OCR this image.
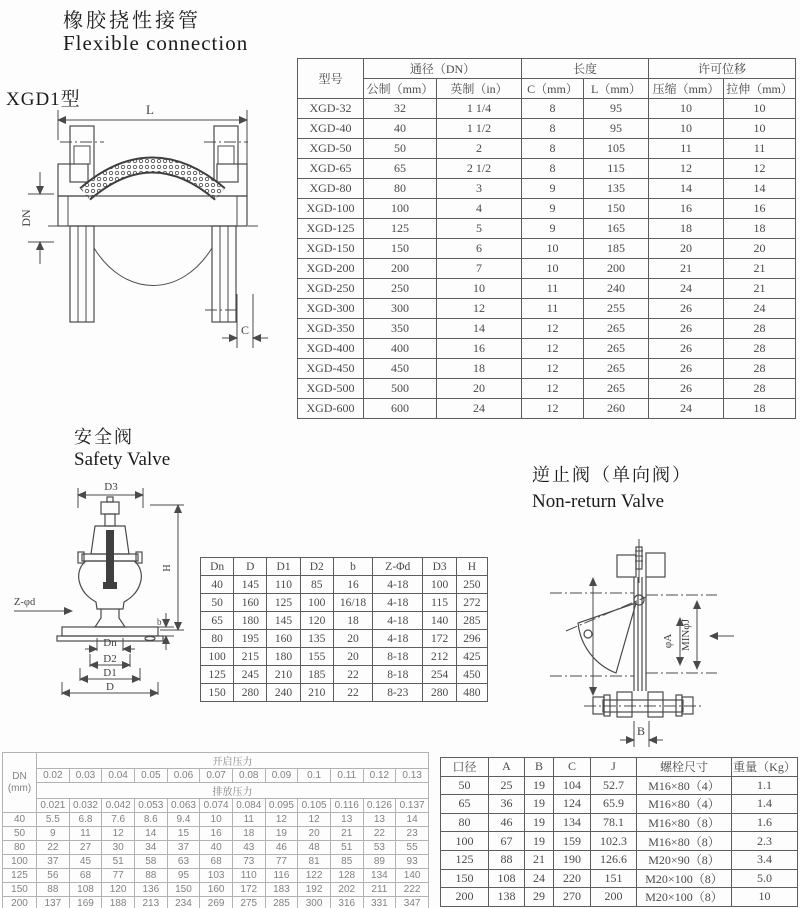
XGD1型
橡胶挠性接管
Flexible connection
L
DN
C
型号	通径（DN）		长度		许可位移	
	公制（mm）	英制（in）	C（mm）	L（mm）	压缩（mm）	拉伸（mm）
XGD-32	32	1 1/4	8	95	10	10
XGD-40	40	1 1/2	8	95	10	10
XGD-50	50	2	8	105	11	11
XGD-65	65	2 1/2	8	115	12	12
XGD-80	80	3	9	135	14	14
XGD-100	100	4	9	150	16	16
XGD-125	125	5	9	165	18	18
XGD-150	150	6	10	185	20	20
XGD-200	200	7	10	200	21	21
XGD-250	250	10	11	240	24	21
XGD-300	300	12	11	255	26	24
XGD-350	350	14	12	265	26	28
XGD-400	400	16	12	265	26	28
XGD-450	450	18	12	265	26	28
XGD-500	500	20	12	265	26	28
XGD-600	600	24	12	260	24	18
安全阀
Safety Valve
D3
H
Z-φd
b
Dn
D2
D1
D
Dn	D	D1	D2	b	Z-Φd	D3	H
40	145	110	85	16	4-18	100	250
50	160	125	100	16/18	4-18	115	272
65	180	145	120	18	4-18	140	285
80	195	160	135	20	4-18	172	296
100	215	180	155	20	8-18	212	425
125	245	210	185	22	8-18	254	450
150	280	240	210	22	8-23	280	480
逆止阀（单向阀）
Non-return Valve
φA MINφJ
B
DN
(mm)	开启压力											
	0.02	0.03	0.04	0.05	0.06	0.07	0.08	0.09	0.1	0.11	0.12	0.13
	排放压力											
	0.021	0.032	0.042	0.053	0.063	0.074	0.084	0.095	0.105	0.116	0.126	0.137
40	5.5	6.8	7.6	8.6	9.4	10	11	12	12	13	13	14
50	9	11	12	14	15	16	18	19	20	21	22	23
80	22	27	30	34	37	40	43	46	48	51	53	55
100	37	45	51	58	63	68	73	77	81	85	89	93
125	56	68	77	88	95	103	110	116	122	128	134	140
150	88	108	120	136	150	160	172	183	192	202	211	222
200	137	169	188	213	234	269	275	285	300	316	331	347
口径	A	B	C	J	螺栓尺寸	重量（Kg）
50	25	19	104	52.7	M16×80（4）	1.1
65	36	19	124	65.9	M16×80（4）	1.4
80	46	19	134	78.1	M16×80（8）	1.6
100	67	19	159	102.3	M16×80（8）	2.3
125	88	21	190	126.6	M20×90（8）	3.4
150	108	24	220	151	M20×100（8）	5.0
200	138	29	270	200	M20×100（8）	10
